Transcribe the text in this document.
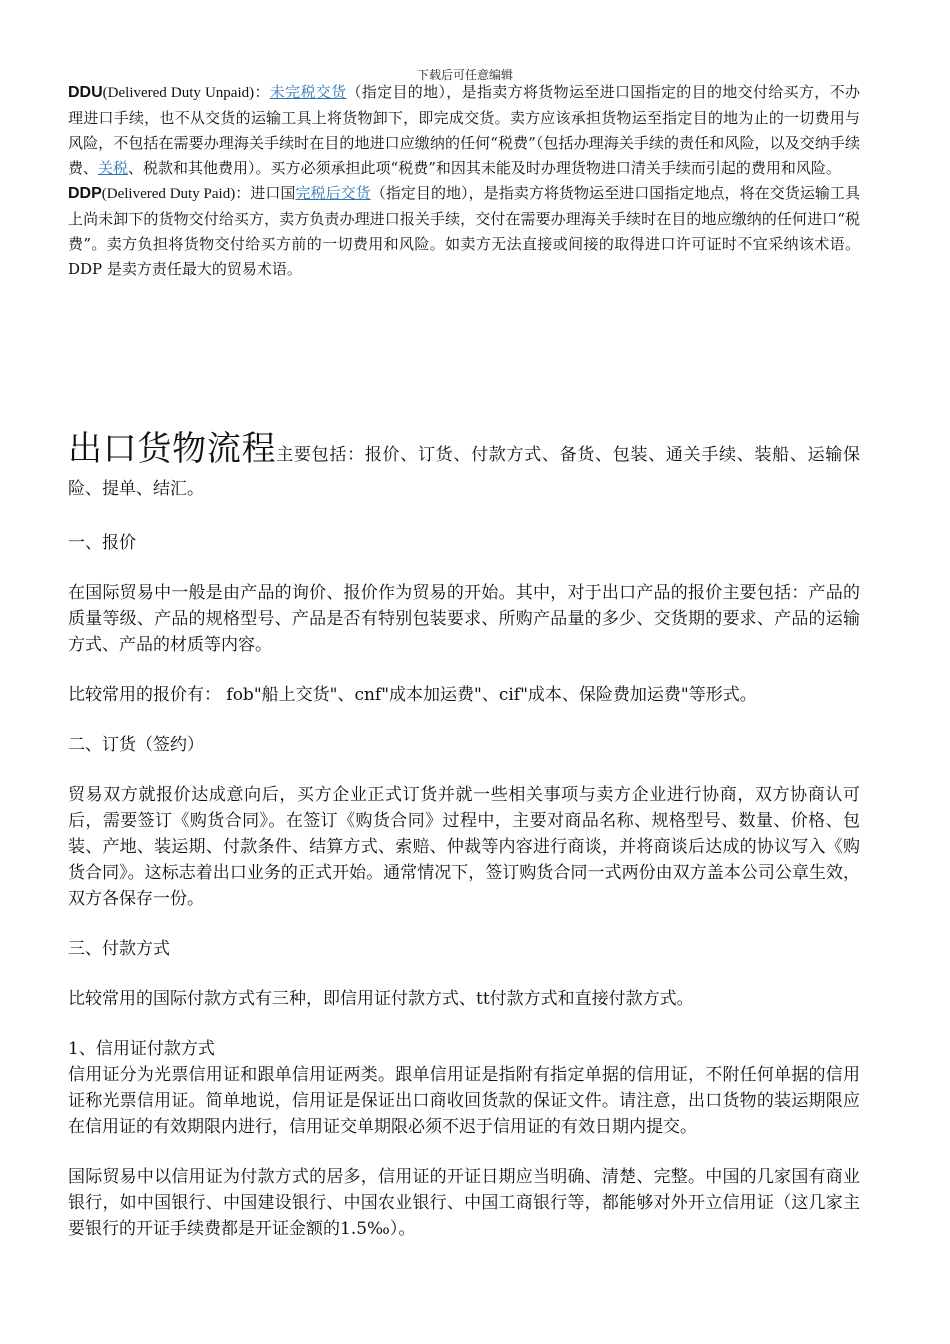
下载后可任意编辑
DDU(Delivered Duty Unpaid)：未完税交货（指定目的地），是指卖方将货物运至进口国指定的目的地交付给买方，不办理进口手续，也不从交货的运输工具上将货物卸下，即完成交货。卖方应该承担货物运至指定目的地为止的一切费用与风险，不包括在需要办理海关手续时在目的地进口应缴纳的任何“税费”（包括办理海关手续的责任和风险，以及交纳手续费、关税、税款和其他费用）。买方必须承担此项“税费”和因其未能及时办理货物进口清关手续而引起的费用和风险。
DDP(Delivered Duty Paid)：进口国完税后交货（指定目的地），是指卖方将货物运至进口国指定地点，将在交货运输工具上尚未卸下的货物交付给买方，卖方负责办理进口报关手续，交付在需要办理海关手续时在目的地应缴纳的任何进口“税费”。卖方负担将货物交付给买方前的一切费用和风险。如卖方无法直接或间接的取得进口许可证时不宜采纳该术语。DDP 是卖方责任最大的贸易术语。

出口货物流程主要包括：报价、订货、付款方式、备货、包装、通关手续、装船、运输保险、提单、结汇。

一、报价

在国际贸易中一般是由产品的询价、报价作为贸易的开始。其中，对于出口产品的报价主要包括：产品的质量等级、产品的规格型号、产品是否有特别包装要求、所购产品量的多少、交货期的要求、产品的运输方式、产品的材质等内容。

比较常用的报价有： fob"船上交货"、cnf"成本加运费"、cif"成本、保险费加运费"等形式。

二、订货（签约）

贸易双方就报价达成意向后，买方企业正式订货并就一些相关事项与卖方企业进行协商，双方协商认可后，需要签订《购货合同》。在签订《购货合同》过程中，主要对商品名称、规格型号、数量、价格、包装、产地、装运期、付款条件、结算方式、索赔、仲裁等内容进行商谈，并将商谈后达成的协议写入《购货合同》。这标志着出口业务的正式开始。通常情况下，签订购货合同一式两份由双方盖本公司公章生效，双方各保存一份。

三、付款方式

比较常用的国际付款方式有三种，即信用证付款方式、tt付款方式和直接付款方式。

1、信用证付款方式

信用证分为光票信用证和跟单信用证两类。跟单信用证是指附有指定单据的信用证，不附任何单据的信用证称光票信用证。简单地说，信用证是保证出口商收回货款的保证文件。请注意，出口货物的装运期限应在信用证的有效期限内进行，信用证交单期限必须不迟于信用证的有效日期内提交。

国际贸易中以信用证为付款方式的居多，信用证的开证日期应当明确、清楚、完整。中国的几家国有商业银行，如中国银行、中国建设银行、中国农业银行、中国工商银行等，都能够对外开立信用证（这几家主要银行的开证手续费都是开证金额的1.5‰）。
